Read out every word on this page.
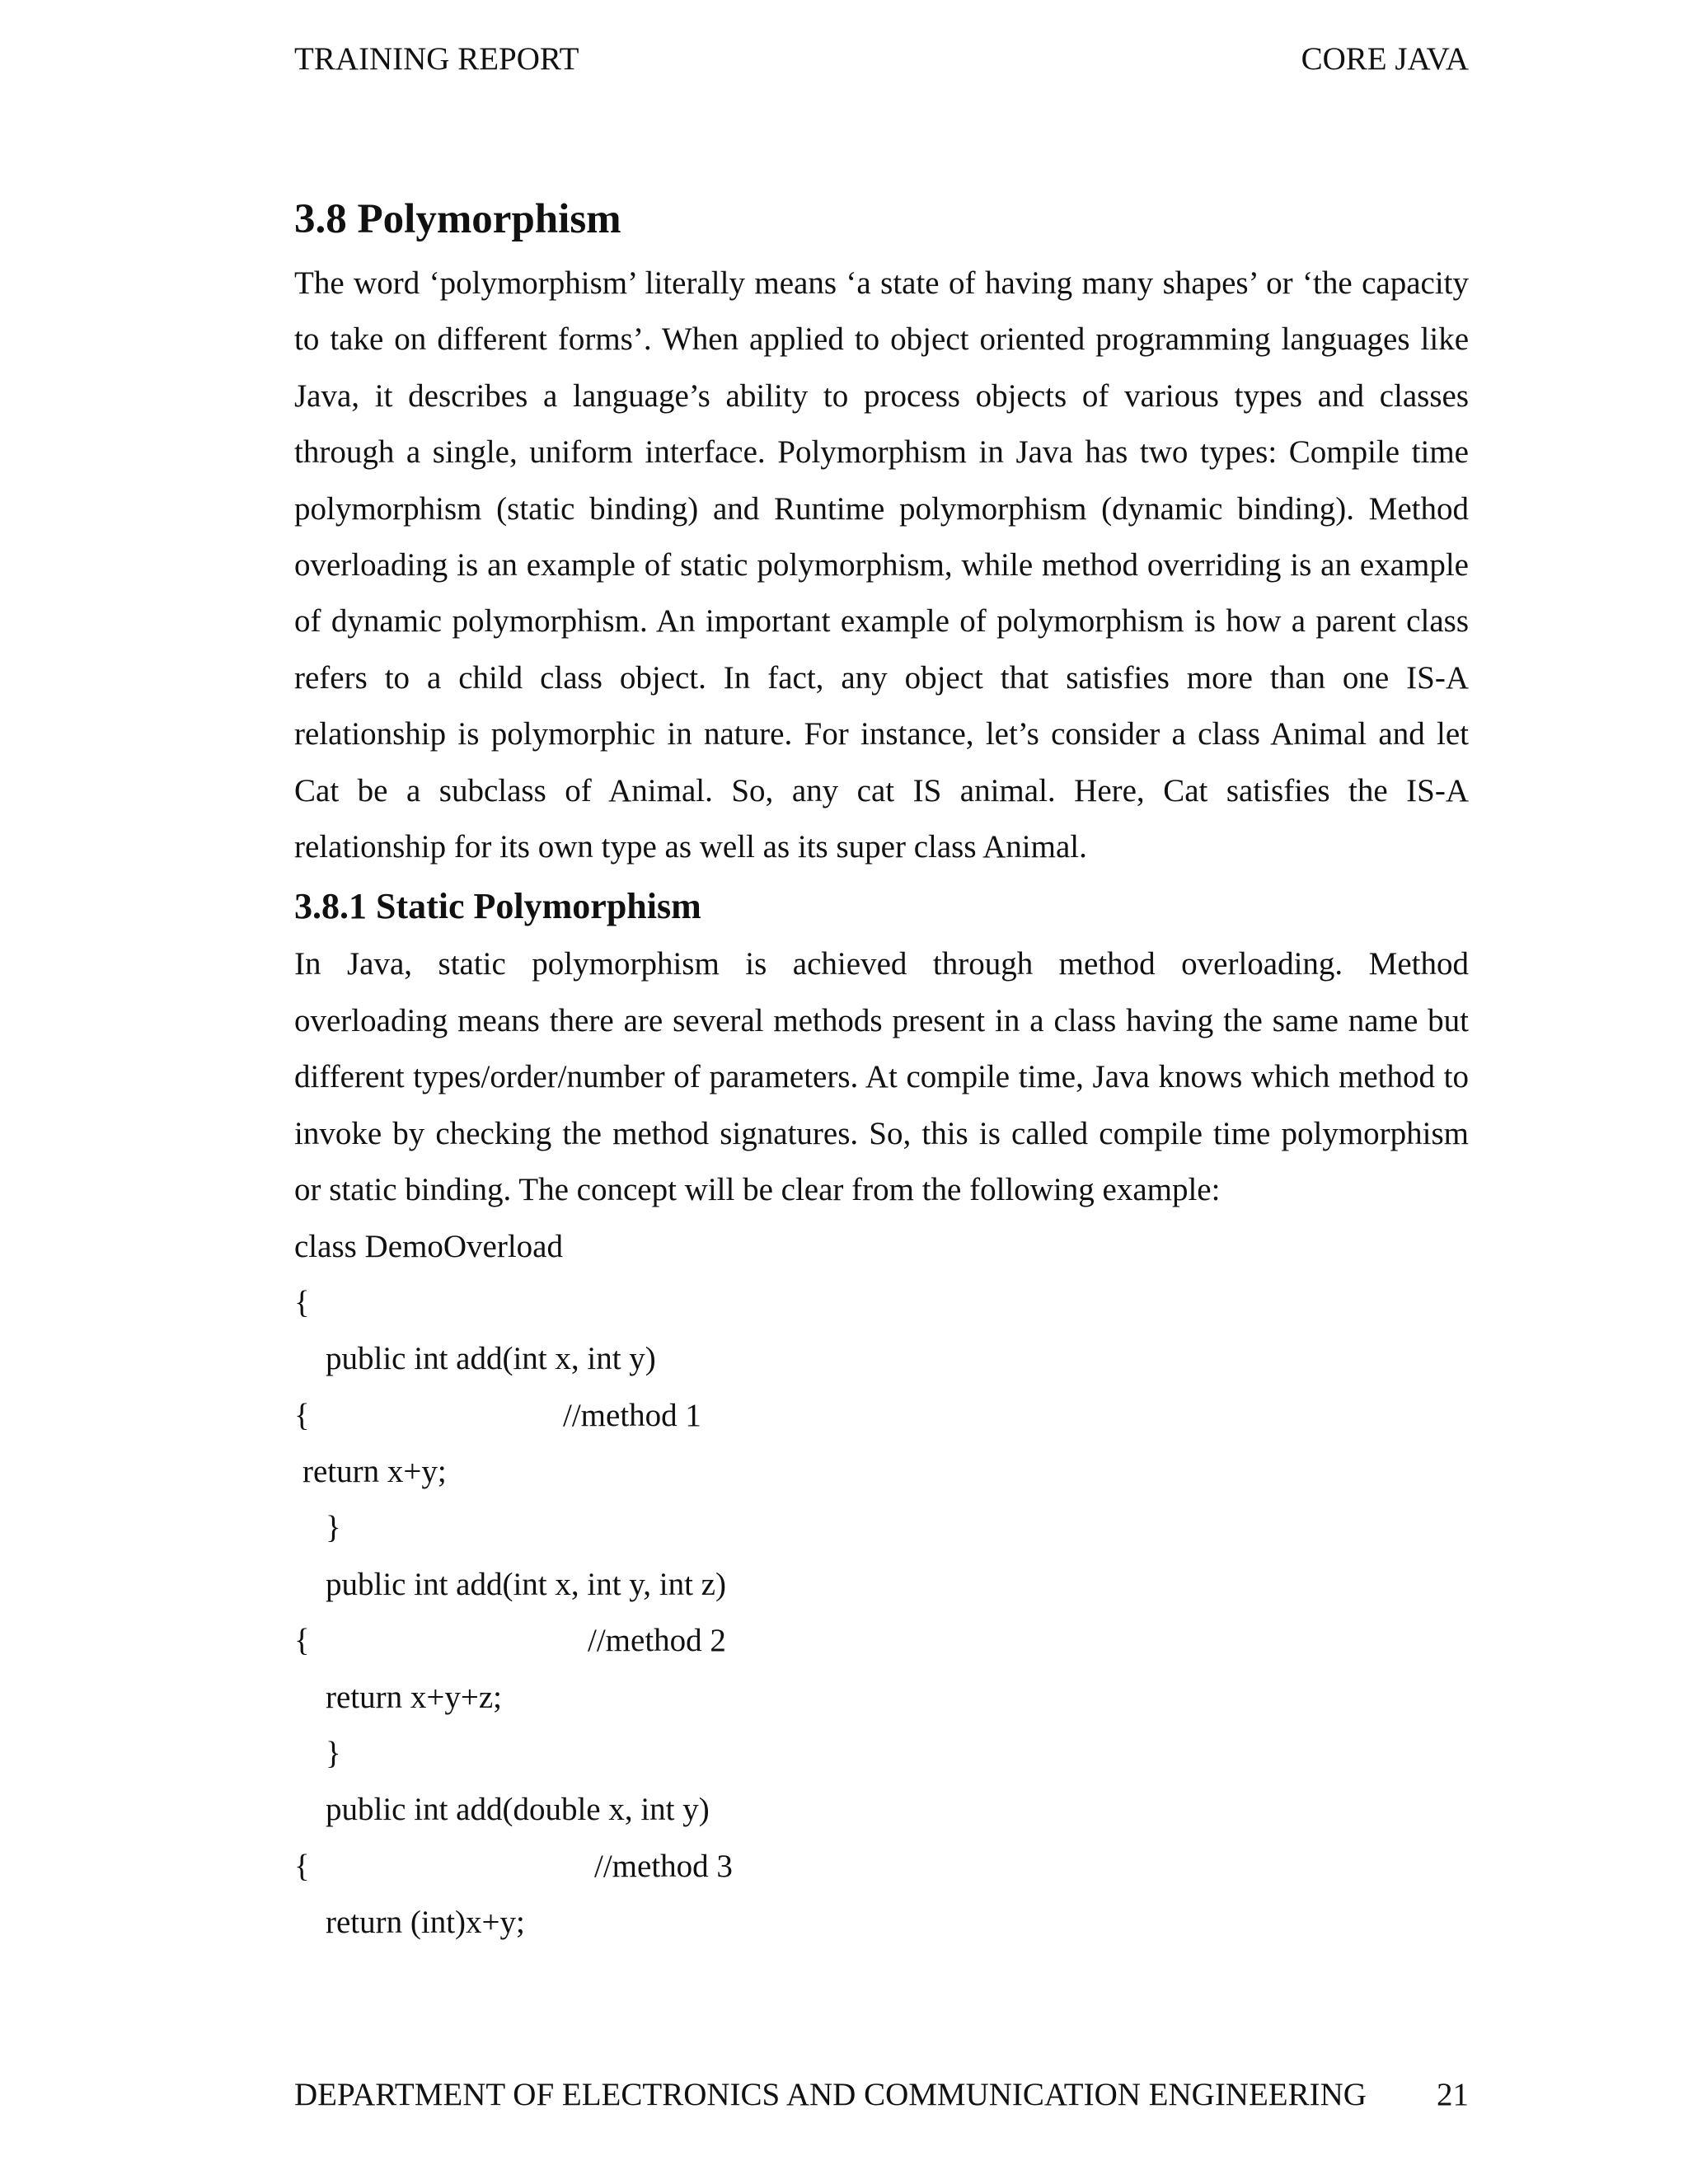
TRAINING REPORT	CORE JAVA
3.8 Polymorphism

The word ‘polymorphism’ literally means ‘a state of having many shapes’ or ‘the capacity to take on different forms’. When applied to object oriented programming languages like Java, it describes a language’s ability to process objects of various types and classes through a single, uniform interface. Polymorphism in Java has two types: Compile time polymorphism (static binding) and Runtime polymorphism (dynamic binding). Method overloading is an example of static polymorphism, while method overriding is an example of dynamic polymorphism. An important example of polymorphism is how a parent class refers to a child class object. In fact, any object that satisfies more than one IS-A relationship is polymorphic in nature. For instance, let’s consider a class Animal and let Cat be a subclass of Animal. So, any cat IS animal. Here, Cat satisfies the IS-A relationship for its own type as well as its super class Animal.

3.8.1 Static Polymorphism

In Java, static polymorphism is achieved through method overloading. Method overloading means there are several methods present in a class having the same name but different types/order/number of parameters. At compile time, Java knows which method to invoke by checking the method signatures. So, this is called compile time polymorphism or static binding. The concept will be clear from the following example:

class DemoOverload

{

public int add(int x, int y)

{

	//method 1

return x+y;

}

public int add(int x, int y, int z)

{

	//method 2

return x+y+z;

}

public int add(double x, int y)

{

	//method 3

return (int)x+y;

DEPARTMENT OF ELECTRONICS AND COMMUNICATION ENGINEERING 21
